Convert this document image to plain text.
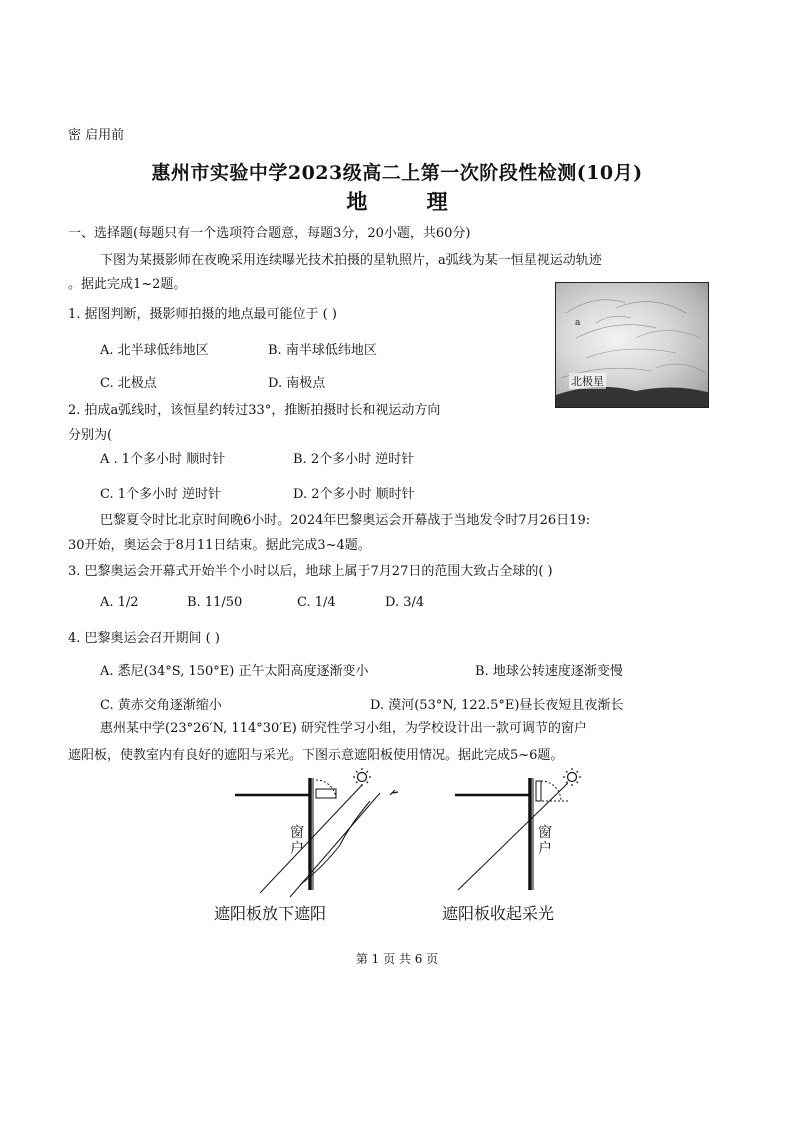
密 启用前
惠州市实验中学2023级高二上第一次阶段性检测(10月)
地 理
一、选择题(每题只有一个选项符合题意，每题3分，20小题，共60分)
下图为某摄影师在夜晚采用连续曝光技术拍摄的星轨照片，a弧线为某一恒星视运动轨迹
。据此完成1~2题。
a
北极星
1. 据图判断，摄影师拍摄的地点最可能位于 ( )
A. 北半球低纬地区	B. 南半球低纬地区
C. 北极点	D. 南极点
2. 拍成a弧线时，该恒星约转过33°，推断拍摄时长和视运动方向
分别为(
A . 1个多小时 顺时针	B. 2个多小时 逆时针
C. 1个多小时 逆时针	D. 2个多小时 顺时针
巴黎夏令时比北京时间晚6小时。2024年巴黎奥运会开幕战于当地发令时7月26日19:
30开始，奥运会于8月11日结束。据此完成3~4题。
3. 巴黎奥运会开幕式开始半个小时以后，地球上属于7月27日的范围大致占全球的( )
A. 1/2	B. 11/50	C. 1/4	D. 3/4
4. 巴黎奥运会召开期间 ( )
A. 悉尼(34°S, 150°E) 正午太阳高度逐渐变小	B. 地球公转速度逐渐变慢
C. 黄赤交角逐渐缩小	D. 漠河(53°N, 122.5°E)昼长夜短且夜渐长
惠州某中学(23°26′N, 114°30′E) 研究性学习小组，为学校设计出一款可调节的窗户
遮阳板，使教室内有良好的遮阳与采光。下图示意遮阳板使用情况。据此完成5~6题。
窗户
遮阳板放下遮阳
窗户
遮阳板收起采光
第 1 页 共 6 页
